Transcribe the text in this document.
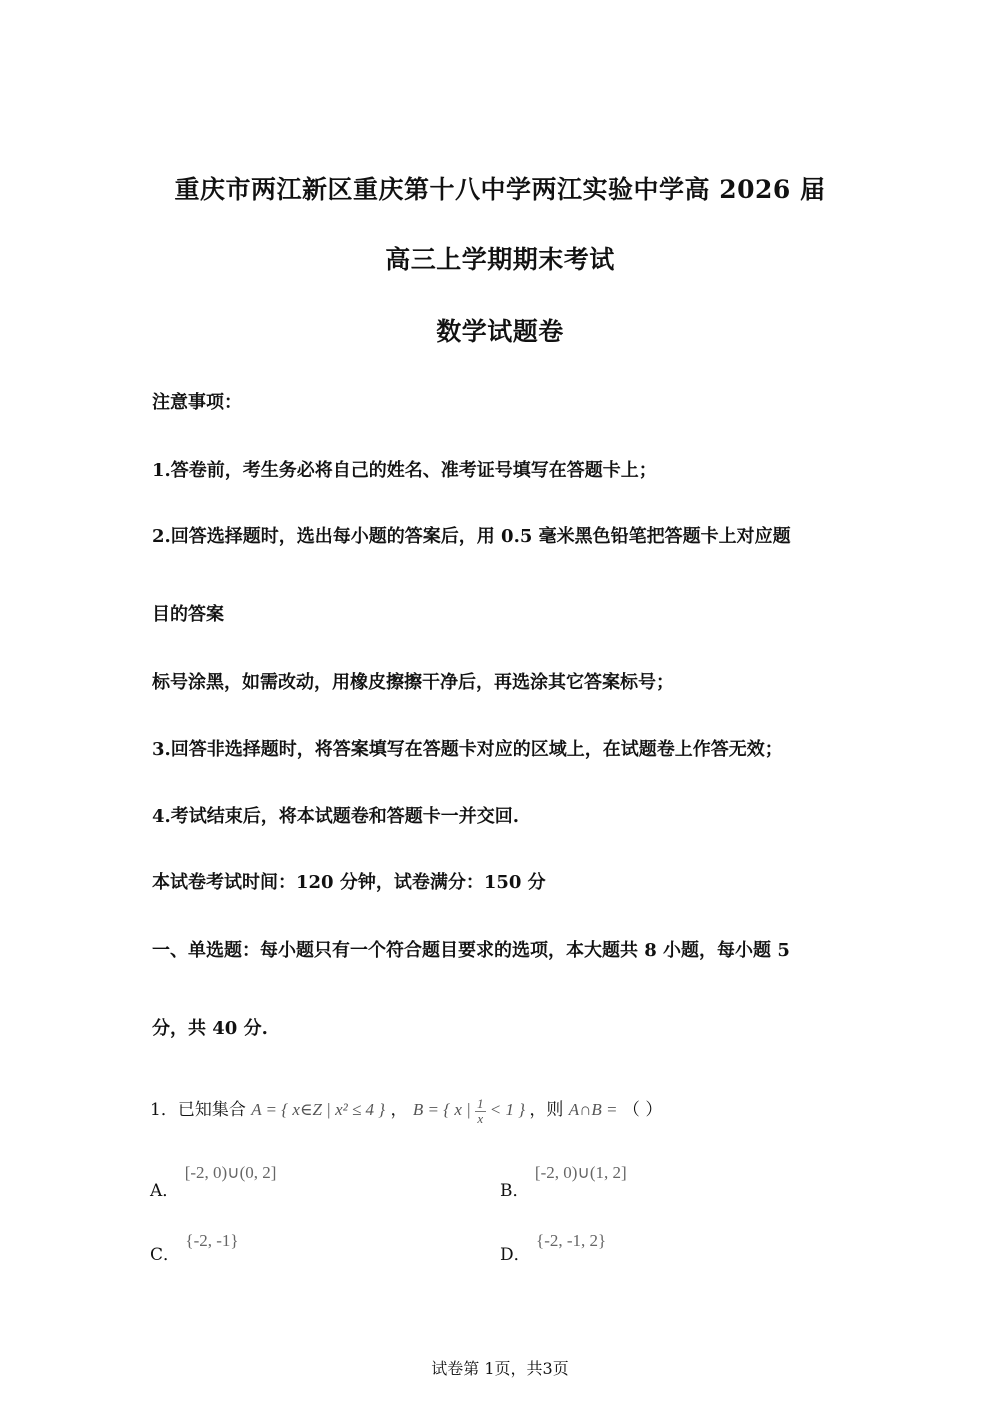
重庆市两江新区重庆第十八中学两江实验中学高 2026 届
高三上学期期末考试
数学试题卷
注意事项：
1.答卷前，考生务必将自己的姓名、准考证号填写在答题卡上；
2.回答选择题时，选出每小题的答案后，用 0.5 毫米黑色铅笔把答题卡上对应题
目的答案
标号涂黑，如需改动，用橡皮擦擦干净后，再选涂其它答案标号；
3.回答非选择题时，将答案填写在答题卡对应的区域上，在试题卷上作答无效；
4.考试结束后，将本试题卷和答题卡一并交回.
本试卷考试时间：120 分钟，试卷满分：150 分
一、单选题：每小题只有一个符合题目要求的选项，本大题共 8 小题，每小题 5
分，共 40 分.
1．已知集合 A = { x∈Z | x² ≤ 4 } ， B = { x | $\frac{1}{x} < 1$ } ，则 A∩B = （ ）
A． [-2, 0)∪(0, 2]
B． [-2, 0)∪(1, 2]
C． {-2, -1}
D． {-2, -1, 2}
试卷第 1页，共3页
